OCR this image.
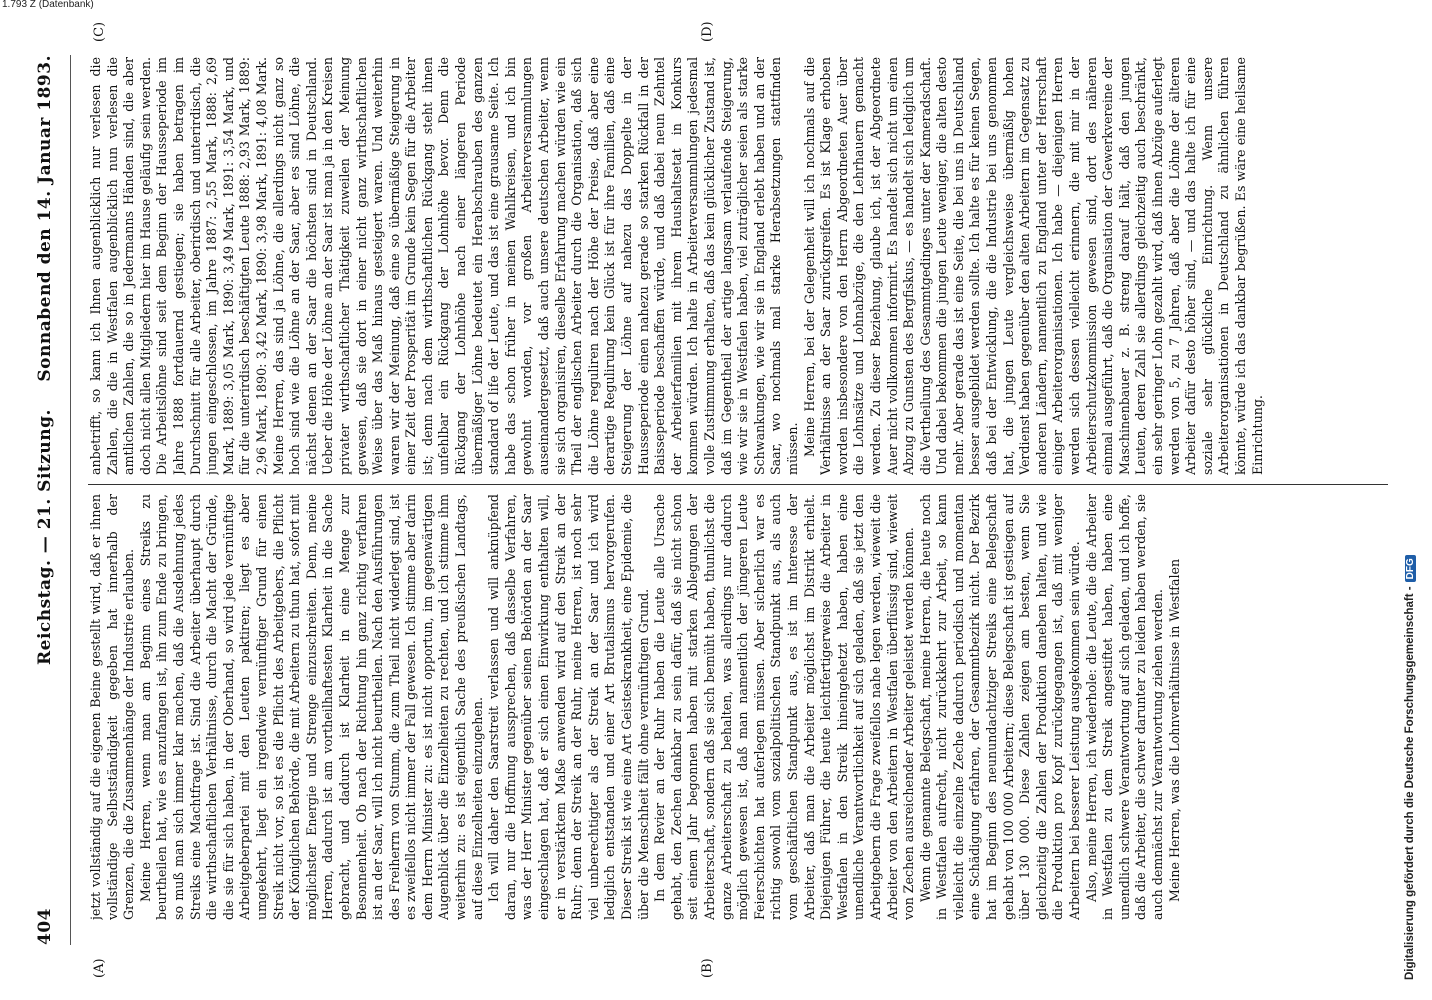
1.793 Z (Datenbank)
404
Reichstag. — 21. Sitzung.
Sonnabend den 14. Januar 1893.
(A)	(B)
(C)	(D)

jetzt vollständig auf die eigenen Beine gestellt wird, daß er ihnen vollständige Selbstständigkeit gegeben hat innerhalb der Grenzen, die die Zusammenhänge der Industrie erlauben. Meine Herren, wenn man am Beginn eines Streiks zu beurtheilen hat, wie es anzufangen ist, ihn zum Ende zu bringen, so muß man sich immer klar machen, daß die Ausdehnung jedes Streiks eine Machtfrage ist. Sind die Arbeiter überhaupt durch die wirthschaftlichen Verhältnisse, durch die Macht der Gründe, die sie für sich haben, in der Oberhand, so wird jede vernünftige Arbeitgeberpartei mit den Leuten paktiren; liegt es aber umgekehrt, liegt ein irgendwie vernünftiger Grund für einen Streik nicht vor, so ist es die Pflicht des Arbeitgebers, die Pflicht der Königlichen Behörde, die mit Arbeitern zu thun hat, sofort mit möglichster Energie und Strenge einzuschreiten. Denn, meine Herren, dadurch ist am vortheilhaftesten Klarheit in die Sache gebracht, und dadurch ist Klarheit in eine Menge zur Besonnenheit. Ob nach der Richtung hin ganz richtig verfahren ist an der Saar, will ich nicht beurtheilen. Nach den Ausführungen des Freiherrn von Stumm, die zum Theil nicht widerlegt sind, ist es zweifellos nicht immer der Fall gewesen. Ich stimme aber darin dem Herrn Minister zu: es ist nicht opportun, im gegenwärtigen Augenblick über die Einzelheiten zu rechten, und ich stimme ihm weiterhin zu: es ist eigentlich Sache des preußischen Landtags, auf diese Einzelheiten einzugehen. Ich will daher den Saarstreit verlassen und will anknüpfend daran, nur die Hoffnung aussprechen, daß dasselbe Verfahren, was der Herr Minister gegenüber seinen Behörden an der Saar eingeschlagen hat, daß er sich einen Einwirkung enthalten will, er in verstärktem Maße anwenden wird auf den Streik an der Ruhr; denn der Streik an der Ruhr, meine Herren, ist noch sehr viel unberechtigter als der Streik an der Saar und ich wird lediglich entstanden und einer Art Brutalismus hervorgerufen. Dieser Streik ist wie eine Art Geisteskrankheit, eine Epidemie, die über die Menschheit fällt ohne vernünftigen Grund. In dem Revier an der Ruhr haben die Leute alle Ursache gehabt, den Zechen dankbar zu sein dafür, daß sie nicht schon seit einem Jahr begonnen haben mit starken Ablegungen der Arbeiterschaft, sondern daß sie sich bemüht haben, thunlichst die ganze Arbeiterschaft zu behalten, was allerdings nur dadurch möglich gewesen ist, daß man namentlich der jüngeren Leute Feierschichten hat auferlegen müssen. Aber sicherlich war es richtig sowohl vom sozialpolitischen Standpunkt aus, als auch vom geschäftlichen Standpunkt aus, es ist im Interesse der Arbeiter, daß man die Arbeiter möglichst im Distrikt erhielt. Diejenigen Führer, die heute leichtfertigerweise die Arbeiter in Westfalen in den Streik hineingehetzt haben, haben eine unendliche Verantwortlichkeit auf sich geladen, daß sie jetzt den Arbeitgebern die Frage zweifellos nahe legen werden, wieweit die Arbeiter von den Arbeitern in Westfalen überflüssig sind, wieweit von Zechen ausreichender Arbeiter geleistet werden können. Wenn die genannte Belegschaft, meine Herren, die heute noch in Westfalen aufrecht, nicht zurückkehrt zur Arbeit, so kann vielleicht die einzelne Zeche dadurch periodisch und momentan eine Schädigung erfahren, der Gesammtbezirk nicht. Der Bezirk hat im Beginn des neunundachtziger Streiks eine Belegschaft gehabt von 100 000 Arbeitern; diese Belegschaft ist gestiegen auf über 130 000. Diese Zahlen zeigen am besten, wenn Sie gleichzeitig die Zahlen der Produktion daneben halten, und wie die Produktion pro Kopf zurückgegangen ist, daß mit weniger Arbeitern bei besserer Leistung ausgekommen sein würde. Also, meine Herren, ich wiederhole: die Leute, die die Arbeiter in Westfalen zu dem Streik angestiftet haben, haben eine unendlich schwere Verantwortung auf sich geladen, und ich hoffe, daß die Arbeiter, die schwer darunter zu leiden haben werden, sie auch demnächst zur Verantwortung ziehen werden. Meine Herren, was die Lohnverhältnisse in Westfalen

anbetrifft, so kann ich Ihnen augenblicklich nur verlesen die Zahlen, die die in Westfalen augenblicklich nun verlesen die amtlichen Zahlen, die so in Jedermanns Händen sind, die aber doch nicht allen Mitgliedern hier im Hause geläufig sein werden. Die Arbeitslöhne sind seit dem Beginn der Hausseperiode im Jahre 1888 fortdauernd gestiegen; sie haben betragen im Durchschnitt für alle Arbeiter, oberirdisch und unterirdisch, die jungen eingeschlossen, im Jahre 1887: 2,55 Mark, 1888: 2,69 Mark, 1889: 3,05 Mark, 1890: 3,49 Mark, 1891: 3,54 Mark, und für die unterirdisch beschäftigten Leute 1888: 2,93 Mark, 1889: 2,96 Mark, 1890: 3,42 Mark, 1890: 3,98 Mark, 1891: 4,08 Mark. Meine Herren, das sind ja Löhne, die allerdings nicht ganz so hoch sind wie die Löhne an der Saar, aber es sind Löhne, die nächst denen an der Saar die höchsten sind in Deutschland. Ueber die Höhe der Löhne an der Saar ist man ja in den Kreisen privater wirthschaftlicher Thätigkeit zuweilen der Meinung gewesen, daß sie dort in einer nicht ganz wirthschaftlichen Weise über das Maß hinaus gesteigert waren. Und weiterhin waren wir der Meinung, daß eine so übermäßige Steigerung in einer Zeit der Prosperität im Grunde kein Segen für die Arbeiter ist; denn nach dem wirthschaftlichen Rückgang steht ihnen unfehlbar ein Rückgang der Lohnhöhe bevor. Denn die Rückgang der Lohnhöhe nach einer längeren Periode übermäßiger Löhne bedeutet ein Herabschrauben des ganzen standard of life der Leute, und das ist eine grausame Seite. Ich habe das schon früher in meinen Wahlkreisen, und ich bin gewohnt worden, vor großen Arbeiterversammlungen auseinandergesetzt, daß auch unsere deutschen Arbeiter, wenn sie sich organisiren, dieselbe Erfahrung machen würden wie ein Theil der englischen Arbeiter durch die Organisation, daß sich die Löhne reguliren nach der Höhe der Preise, daß aber eine derartige Regulirung kein Glück ist für ihre Familien, daß eine Steigerung der Löhne auf nahezu das Doppelte in der Hausseperiode einen nahezu gerade so starken Rückfall in der Baisseperiode beschaffen würde, und daß dabei neun Zehntel der Arbeiterfamilien mit ihrem Haushaltsetat in Konkurs kommen würden. Ich halte in Arbeiterversammlungen jedesmal volle Zustimmung erhalten, daß das kein glücklicher Zustand ist, daß im Gegentheil der artige langsam verlaufende Steigerung, wie wir sie in Westfalen haben, viel zuträglicher seien als starke Schwankungen, wie wir sie in England erlebt haben und an der Saar, wo nochmals mal starke Herabsetzungen stattfinden müssen. Meine Herren, bei der Gelegenheit will ich nochmals auf die Verhältnisse an der Saar zurückgreifen. Es ist Klage erhoben worden insbesondere von den Herrn Abgeordneten Auer über die Lohnsätze und Lohnabzüge, die den Lehrhauern gemacht werden. Zu dieser Beziehung, glaube ich, ist der Abgeordnete Auer nicht vollkommen informirt. Es handelt sich nicht um einen Abzug zu Gunsten des Bergfiskus, — es handelt sich lediglich um die Vertheilung des Gesammtgedinges unter der Kameradschaft. Und dabei bekommen die jungen Leute weniger, die alten desto mehr. Aber gerade das ist eine Seite, die bei uns in Deutschland besser ausgebildet werden sollte. Ich halte es für keinen Segen, daß bei der Entwicklung, die die Industrie bei uns genommen hat, die jungen Leute vergleichsweise übermäßig hohen Verdienst haben gegenüber den alten Arbeitern im Gegensatz zu anderen Ländern, namentlich zu England unter der Herrschaft einiger Arbeiterorganisationen. Ich habe — diejenigen Herren werden sich dessen vielleicht erinnern, die mit mir in der Arbeiterschutzkommission gewesen sind, dort des näheren einmal ausgeführt, daß die Organisation der Gewerkvereine der Maschinenbauer z. B. streng darauf hält, daß den jungen Leuten, deren Zahl sie allerdings gleichzeitig auch beschränkt, ein sehr geringer Lohn gezahlt wird, daß ihnen Abzüge auferlegt werden von 5, zu 7 Jahren, daß aber die Löhne der älteren Arbeiter dafür desto höher sind, — und das halte ich für eine soziale sehr glückliche Einrichtung. Wenn unsere Arbeiterorganisationen in Deutschland zu ähnlichen führen könnte, würde ich das dankbar begrüßen. Es wäre eine heilsame Einrichtung.

Digitalisierung gefördert durch die Deutsche Forschungsgemeinschaft -DFG
